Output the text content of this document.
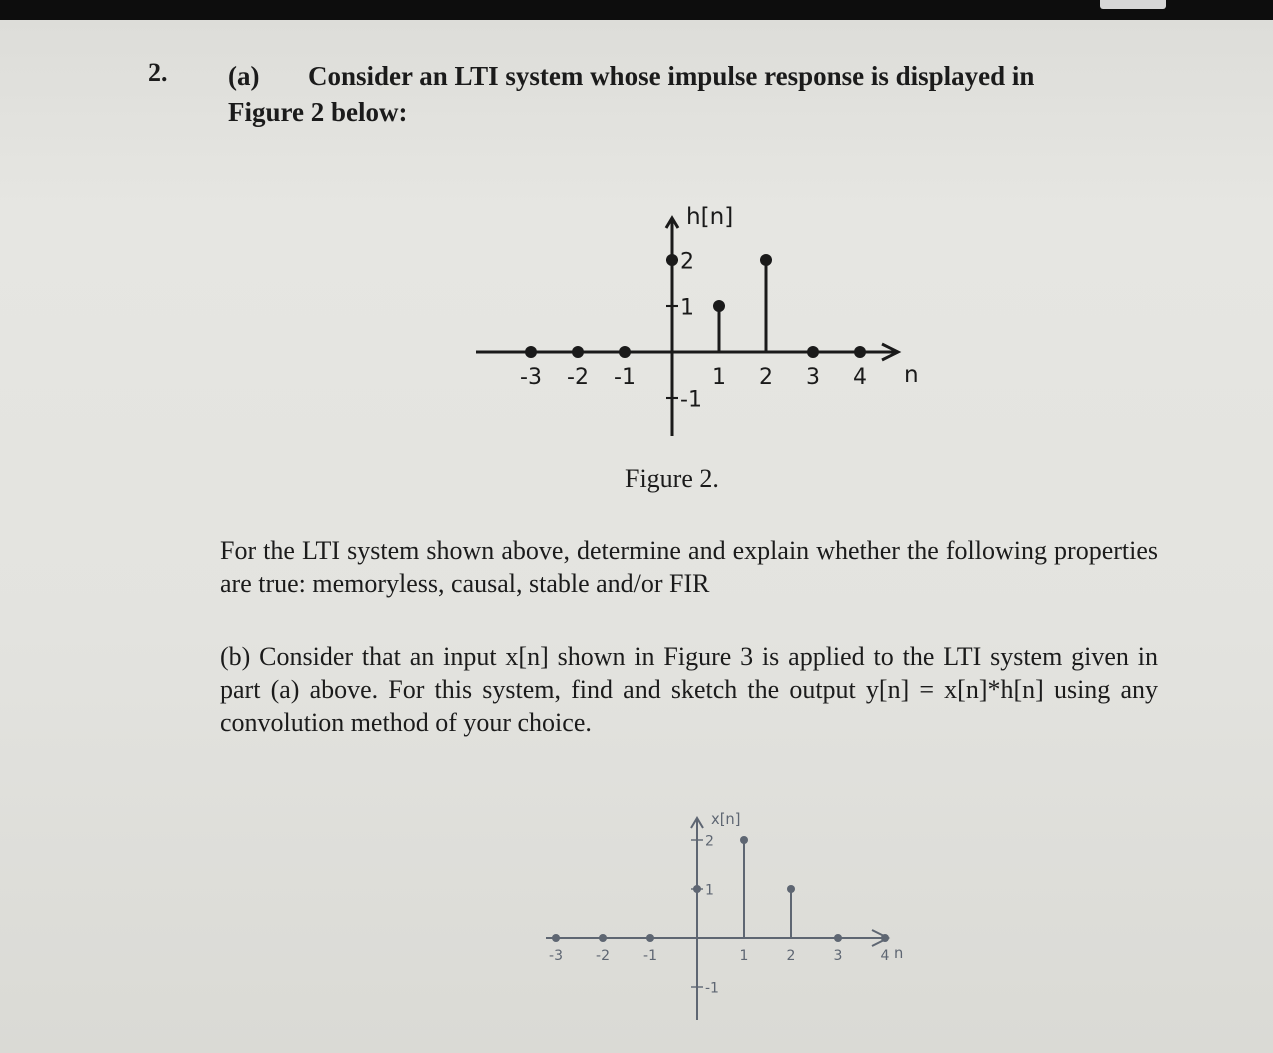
2. (a) Consider an LTI system whose impulse response is displayed in
Figure 2 below:
-3 -2 -1	1 2 3 4
2
1
-1
h[n]
n
Figure 2.
For the LTI system shown above, determine and explain whether the following properties are true: memoryless, causal, stable and/or FIR
(b) Consider that an input x[n] shown in Figure 3 is applied to the LTI system given in part (a) above. For this system, find and sketch the output y[n] = x[n]*h[n] using any convolution method of your choice.
-3 -2 -1	1	2	3	4
2
1
-1
x[n]
n
